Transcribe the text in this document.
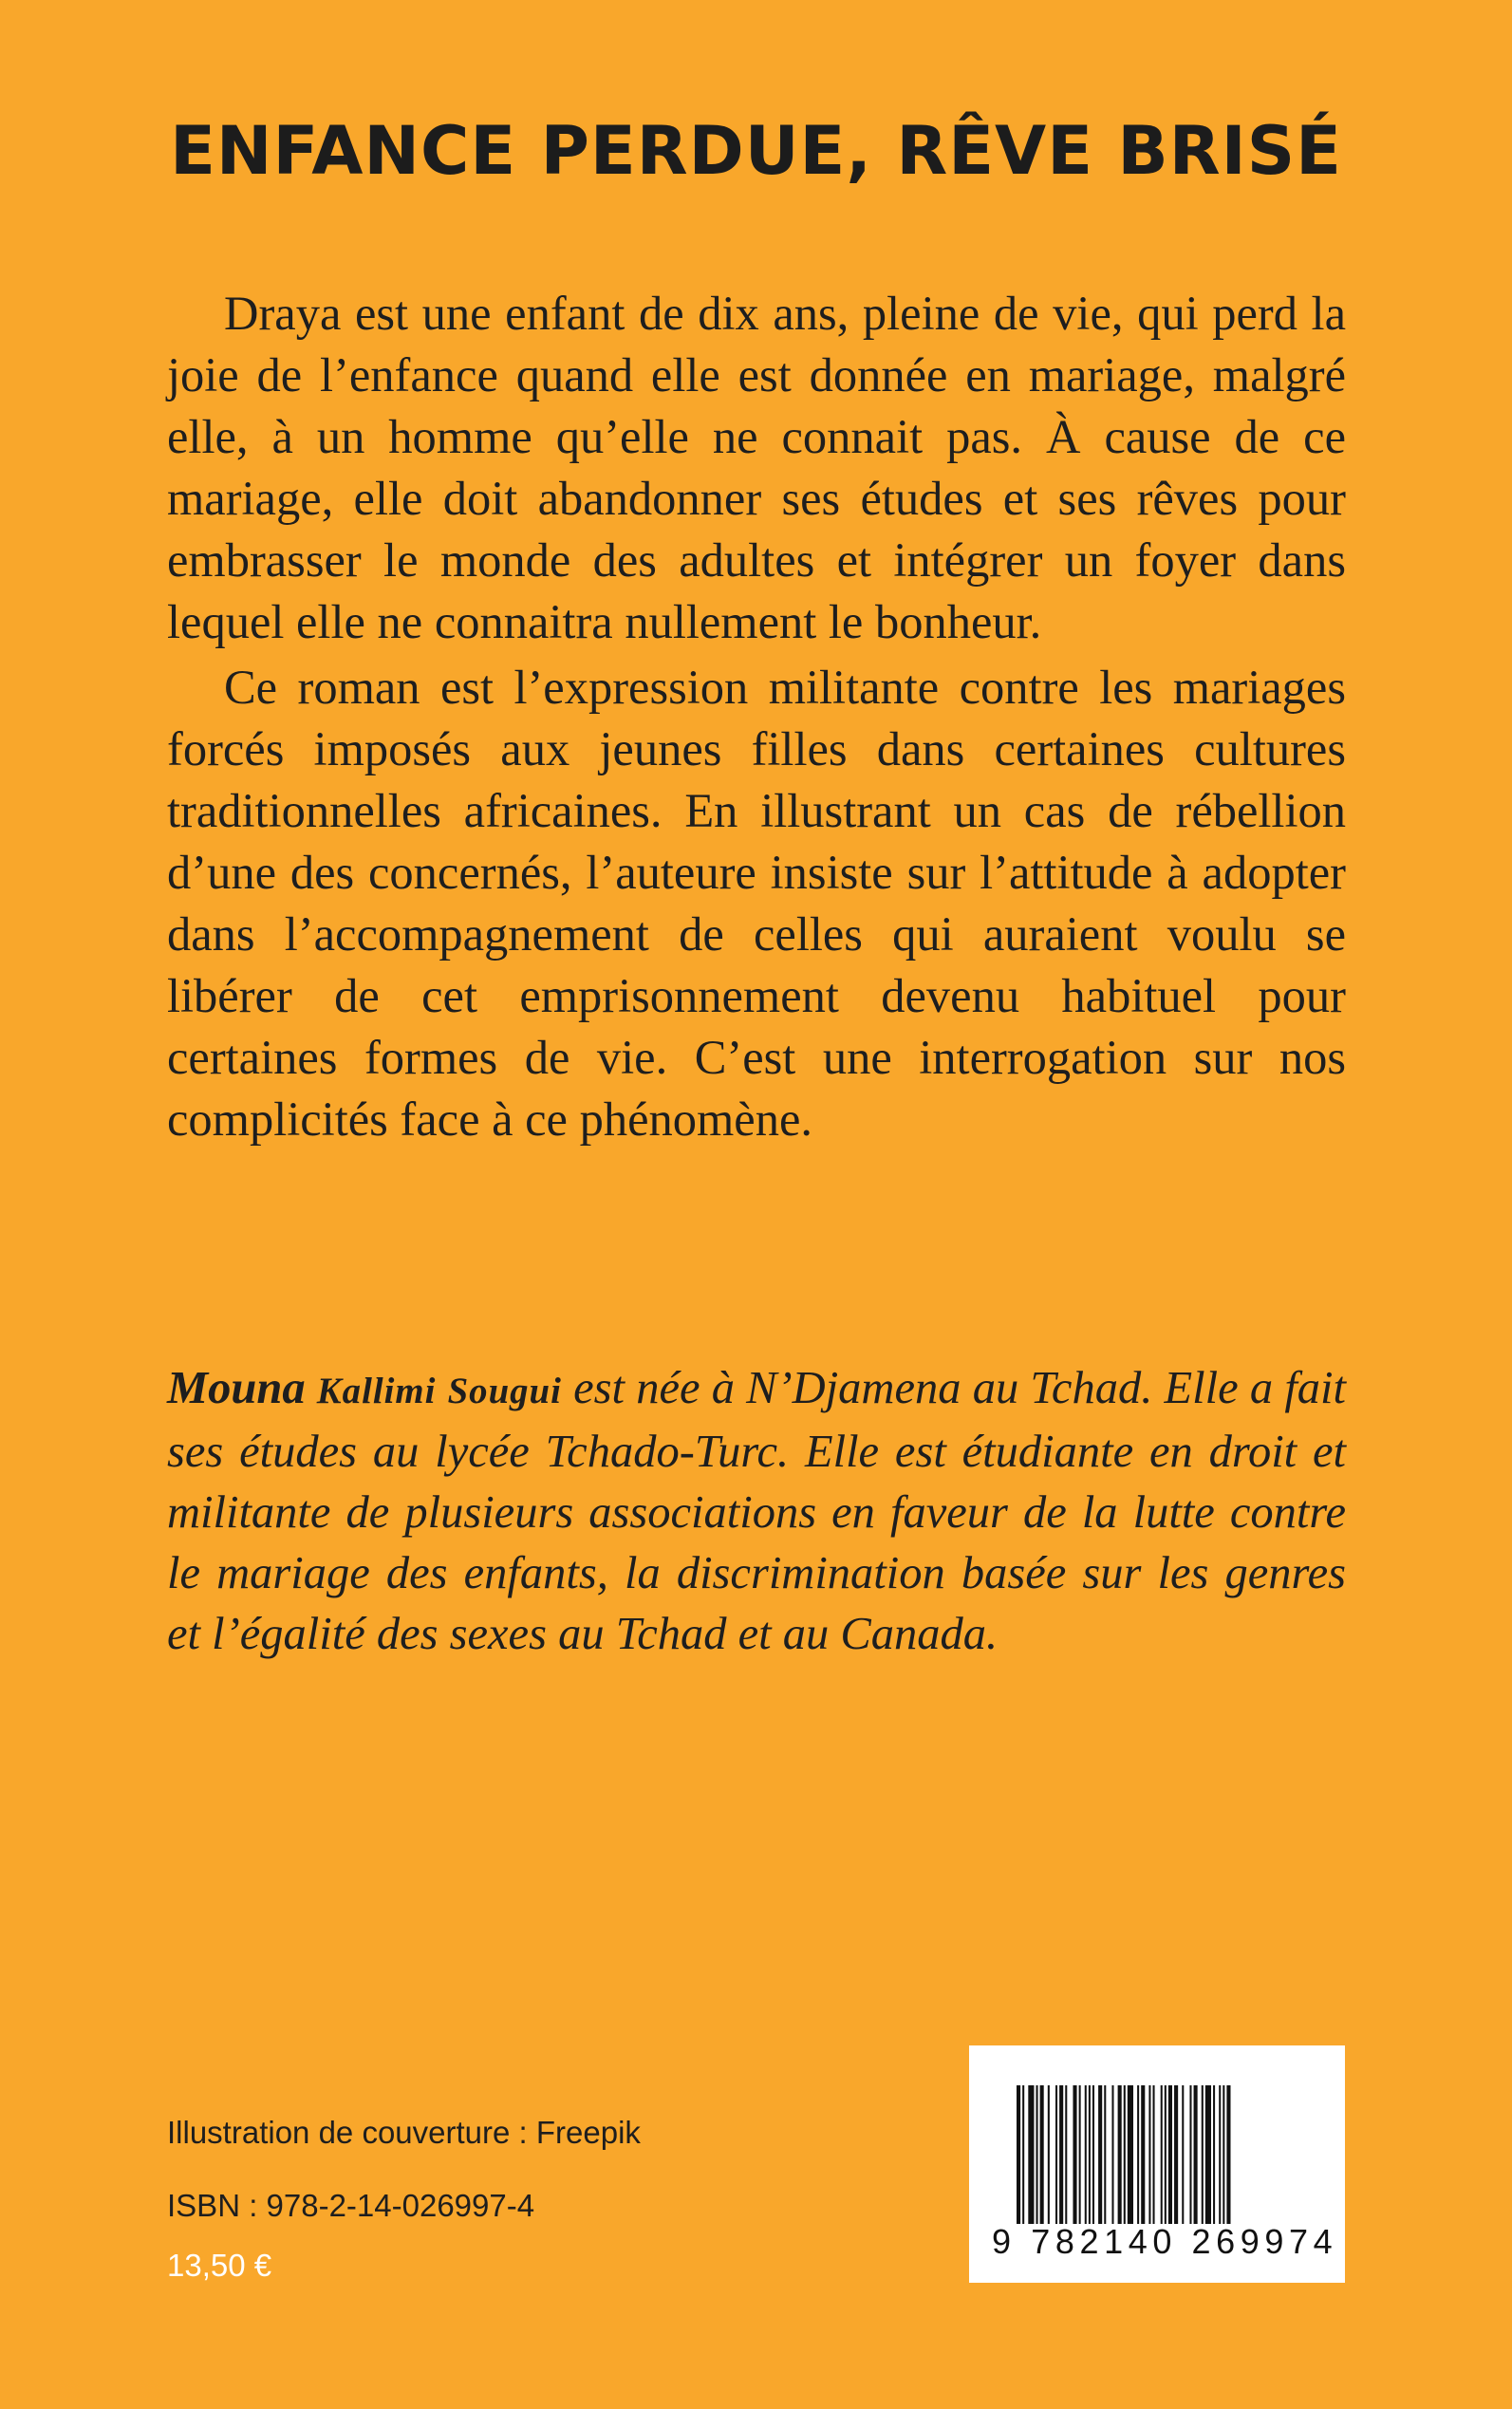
ENFANCE PERDUE, RÊVE BRISÉ

Draya est une enfant de dix ans, pleine de vie, qui perd la joie de l’enfance quand elle est donnée en mariage, malgré elle, à un homme qu’elle ne connait pas. À cause de ce mariage, elle doit abandonner ses études et ses rêves pour embrasser le monde des adultes et intégrer un foyer dans lequel elle ne connaitra nullement le bonheur.

Ce roman est l’expression militante contre les mariages forcés imposés aux jeunes filles dans certaines cultures traditionnelles africaines. En illustrant un cas de rébellion d’une des concernés, l’auteure insiste sur l’attitude à adopter dans l’accompagnement de celles qui auraient voulu se libérer de cet emprisonnement devenu habituel pour certaines formes de vie. C’est une interrogation sur nos complicités face à ce phénomène.

Mouna Kallimi Sougui est née à N’Djamena au Tchad. Elle a fait ses études au lycée Tchado-Turc. Elle est étudiante en droit et militante de plusieurs associations en faveur de la lutte contre le mariage des enfants, la discrimination basée sur les genres et l’égalité des sexes au Tchad et au Canada.

Illustration de couverture : Freepik

ISBN : 978-2-14-026997-4

13,50 €

9 782140 269974
